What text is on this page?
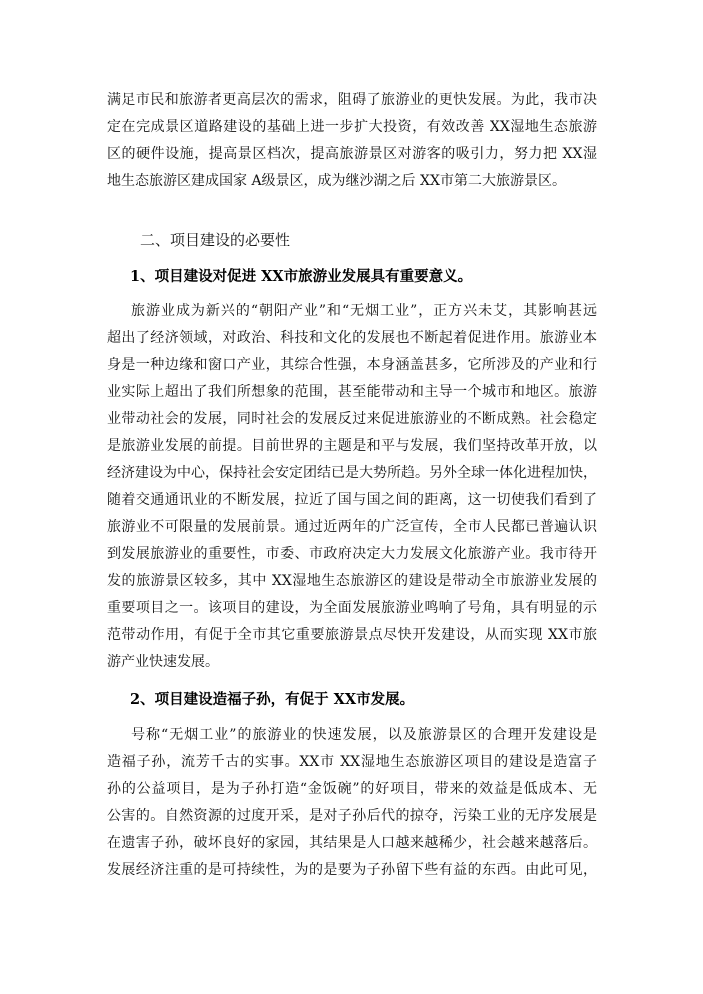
满足市民和旅游者更高层次的需求，阻碍了旅游业的更快发展。为此，我市决
定在完成景区道路建设的基础上进一步扩大投资，有效改善 XX湿地生态旅游
区的硬件设施，提高景区档次，提高旅游景区对游客的吸引力，努力把 XX湿
地生态旅游区建成国家 A级景区，成为继沙湖之后 XX市第二大旅游景区。
二、项目建设的必要性
1、项目建设对促进 XX市旅游业发展具有重要意义。
旅游业成为新兴的“朝阳产业”和“无烟工业”，正方兴未艾，其影响甚远
超出了经济领域，对政治、科技和文化的发展也不断起着促进作用。旅游业本
身是一种边缘和窗口产业，其综合性强，本身涵盖甚多，它所涉及的产业和行
业实际上超出了我们所想象的范围，甚至能带动和主导一个城市和地区。旅游
业带动社会的发展，同时社会的发展反过来促进旅游业的不断成熟。社会稳定
是旅游业发展的前提。目前世界的主题是和平与发展，我们坚持改革开放，以
经济建设为中心，保持社会安定团结已是大势所趋。另外全球一体化进程加快，
随着交通通讯业的不断发展，拉近了国与国之间的距离，这一切使我们看到了
旅游业不可限量的发展前景。通过近两年的广泛宣传，全市人民都已普遍认识
到发展旅游业的重要性，市委、市政府决定大力发展文化旅游产业。我市待开
发的旅游景区较多，其中 XX湿地生态旅游区的建设是带动全市旅游业发展的
重要项目之一。该项目的建设，为全面发展旅游业鸣响了号角，具有明显的示
范带动作用，有促于全市其它重要旅游景点尽快开发建设，从而实现 XX市旅
游产业快速发展。
2、项目建设造福子孙，有促于 XX市发展。
号称“无烟工业”的旅游业的快速发展，以及旅游景区的合理开发建设是
造福子孙，流芳千古的实事。XX市 XX湿地生态旅游区项目的建设是造富子
孙的公益项目，是为子孙打造“金饭碗”的好项目，带来的效益是低成本、无
公害的。自然资源的过度开采，是对子孙后代的掠夺，污染工业的无序发展是
在遗害子孙，破坏良好的家园，其结果是人口越来越稀少，社会越来越落后。
发展经济注重的是可持续性，为的是要为子孙留下些有益的东西。由此可见，
